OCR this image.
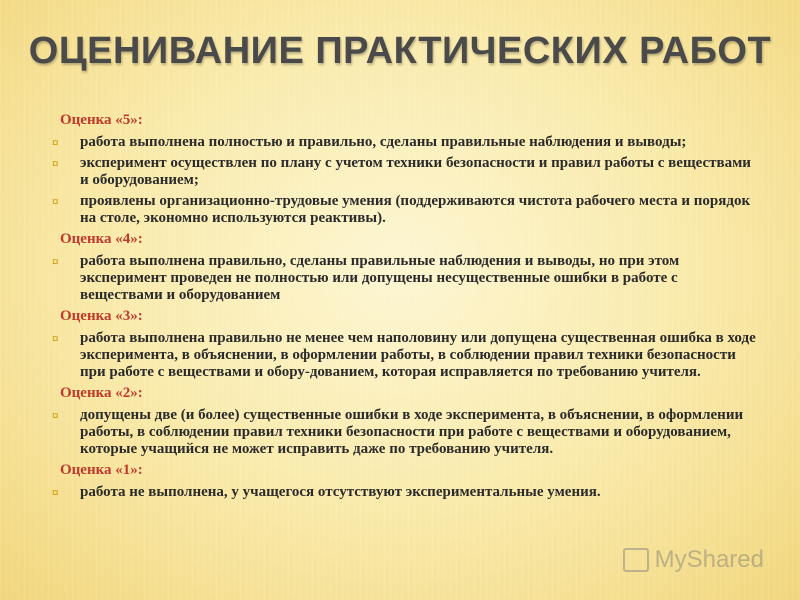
ОЦЕНИВАНИЕ ПРАКТИЧЕСКИХ РАБОТ
Оценка «5»:
¤ работа выполнена полностью и правильно, сделаны правильные наблюдения и выводы;
¤ эксперимент осуществлен по плану с учетом техники безопасности и правил работы с веществами и оборудованием;
¤ проявлены организационно-трудовые умения (поддерживаются чистота рабочего места и порядок на столе, экономно используются реактивы).
Оценка «4»:
¤ работа выполнена правильно, сделаны правильные наблюдения и выводы, но при этом эксперимент проведен не полностью или допущены несущественные ошибки в работе с веществами и оборудованием
Оценка «3»:
¤ работа выполнена правильно не менее чем наполовину или допущена существенная ошибка в ходе эксперимента, в объяснении, в оформлении работы, в соблюдении правил техники безопасности при работе с веществами и обору-дованием, которая исправляется по требованию учителя.
Оценка «2»:
¤ допущены две (и более) существенные ошибки в ходе эксперимента, в объяснении, в оформлении работы, в соблюдении правил техники безопасности при работе с веществами и оборудованием, которые учащийся не может исправить даже по требованию учителя.
Оценка «1»:
¤ работа не выполнена, у учащегося отсутствуют экспериментальные умения.
MyShared
